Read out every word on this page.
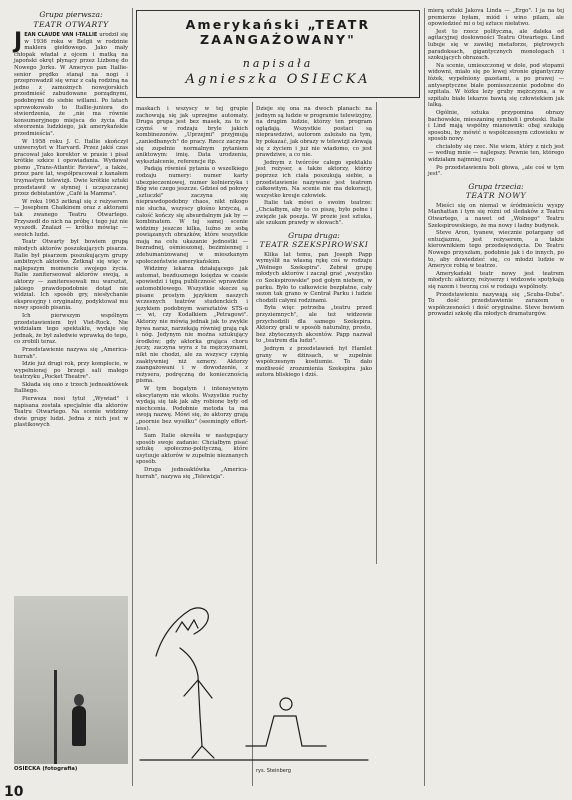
Grupa pierwsza:
TEATR OTWARTY

JEAN CLAUDE VAN I-TALLIE urodził się w 1936 roku w Belgii w rodzinie maklera giełdowego. Jako mały chłopak władał z ojcem i matką na japoński okręt płynący przez Lizbonę do Nowego Jorku. W Ameryce pan Itallie-senior prędko stanął na nogi i przeprowadził się wraz z całą rodziną na jedno z zamożnych nowojorskich przedmieść zabudowane porządnymi, podobnymi do siebie willami. Po latach sprowokowało to Itallie-juniora do stwierdzenia, że „nie ma równie konsumeryjnego miejsca do życia dla stworzenia ludzkiego, jak amerykańskie przedmieścia".

W 1958 roku J. C. Itallie skończył uniwersytet w Harvard. Przez jakiś czas pracował jako korektor w prasie i pisał krótkie szkice i opowiadania. Wydawał pismo „Trans-Atlantic Review", a także, przez pare lat, współpracował z kanałem trzynastym telewizji. Dwie krótkie sztuki przedstawił w słynnej i uczęszczanej przez debiutantów „Café la Mamma".

W roku 1963 zetknął się z reżyserem — Josephem Chaikinem oraz z aktorami tak zwanego Teatru Otwartego. Przyszedł do nich na próbę i tego już nie wyszedł. Znalazł — krótko mówiąc — swoich ludzi.

Teatr Otwarty był bowiem grupą młodych aktorów poszukujących pisarza. Italie był pisarzem poszukującym grupy ambitnych aktorów. Zetknął się więc w najlepszym momencie swojego życia. Italie zaniterseował aktorów swoją, a aktorzy — zaniteresowali mu warsztat, jakiego prawdopodobnie dotąd nie widział. Ich sposób gry, niesłychanie ekspresyjny i oryginalny, podyktował mu nowy sposób pisania.

Ich pierwszym wspólnym przedstawieniem był Viet-Rock. Nie widziałam tego spektaklu, wydaje się jednak, że był zaledwie wprawką do tego, co zrobili teraz.

Przedstawienie nazywa się „America-hurrah".

Idzie już drugi rok, przy komplecie, w wypełnionej po brzegi sali małego teatrzyku „Pocket Theatre".

Składa się ono z trzech jednoaktówek Italliego.

Pierwsza nosi tytuł „Wywiad" i napisana została specjalnie dla aktorów Teatru Otwartego. Na scenie widzimy dwie grupy ludzi. Jedna z nich jest w plastikowych

Amerykański „TEATR
ZAANGAŻOWANY"
napisała
Agnieszka OSIECKA

maskach i wszyscy w tej grupie zachowują się jak uprzejme automaty. Druga grupa jest bez masek, za to w czymś w rodzaju bryle jakich kombinezonów. „Uprzejmi" przyjmują „zaniedbanych" do pracy. Rzecz zaczyna się zupełnie normalnym pytaniem aniktowym: imię. Data urodzenia, wykształcenie, referencje itp.

Padają równieś pytania o wszelkiego rodzaju numery: numer karty ubezpieczeniowej, numer kolnierzyka i Bóg wie czego jeszcze. Gdzieś od połowy „sztuczki" zaczyna się nieprawdopodobny chaos, nikt nikogo nie słucha, wszyscy głośno krzyczą, a całość kończy się absurdalnym jak by — kombinatem. W tej samej scenie widzimy jeszcze kilka, luźno ze sobą powiązanych obrazków, które wszystkie mają na celu ukazanie jednostki — bezradnej, ośmieszonej, bezimiennej i zdehumanizowanej w mieszkanym społeczeństwie amerykańskim.

Widzimy lekarza działającego jak automat, bezdusznego księdza w czasie spowiedzi i tępą publiczność wprawdzie automobilowego. Wszystkie skecze są pisane prostym językiem naszych wczesnych teatrów studenckich i językiem podobnym warsztatów STS-u — wi, czy Kodałkiem „Petragowi". Aktorzy nie mówią jednak jak to zwykle bywa naraz, narzekają równiej grają rąk i nóg. Jedynym nie można sztukujący środków; gdy aktorka grająca choru jęczy, zaczyna wyra z tu mężczyznami, nikt nie chodzi, ale za wszyscy czynią zaaktywniej niż szmery. Aktorzy zaangażowani i w dowodzenie, z reżysera, podręczną do koniecznością pisma.

W tym bogatym i intensywnym ekscytanym nie wkoło. Wszystkie ruchy wydają się tak jak aby robione były od niechcenia. Podobnie metoda ta ma swoją nazwę. Mówi się, że aktorzy grają „poornie bez wysiłku" (seemingly effort-less).

Sam Italie okreśła w następujący sposób swoje zadanie: Chciałbym pisać sztukę społeczno-polityczną, które usytuuje aktorów w zupełnie nieznanych sposób.

Druga jednoaktówka „America-hurrah", nazywa się „Telewizja".

Dzieje się ona na dwoch planach: na jednym są ludzie w programie telewizyjny, na drugim ludzie, którzy ten program oglądają. Wszystkie postaci są nieprawdziwi, autorom zależało na tym, by pokazać, jak obrazy w telewizji zlewają się z życiem i już nie wiadomo, co jest prawdziwe, a co nie.

Jednym z twórców całego spektaklu jest reżyser, a także aktorzy, którzy poprzez ich ciała poszukują siebie, a przedstawienie nazywane jest teatrem całkowitym. Na scenie nie ma dekoracji, wszystko kreuje człowiek.

Italie tak mówi o swoim teatrze: „Chciałbym, aby to co piszę, było pełne i zwięzłe jak poezja. W prozie jest sztuka, ale szukam prawdy w słowach".

Grupa druga:
TEATR SZEKSPIROWSKI

Klika lat temu, pan Joseph Papp wymyślił na własną rękę coś w rodzaju „Wolnego Szekspira". Zebrał grupę młodych aktorów i zaczął grać „wszystko co Szekspirowskie" pod gołym niebem, w parku. Było to całkowicie bezpłatne, cały sezon tak grano w Central Parku i ludzie chodzili całymi rodzinami.

Była więc potrzeba „teatru przed przyziemnych", ale też widzowie przychodzili dla samego Szekspira. Aktorzy grali w sposób naturalny, prosto, bez zbytecznych akcentów. Papp nazwał to „teatrem dla ludzi".

Jednym z przedstawień był Hamlet grany w dżinsach, w zupełnie współczesnym kostiumie. To dało możliwość zrozumienia Szekspira jako autora bliskiego i dziś.

mierą sztuki Jakova Linda — „Ergo". I ja na tej premierze byłam, miód i wino pilam, ale opowiedzieć mi o tej sztuce niełatwo.

Jest to rzecz polityczna, ale daleka od agitacyjnej dosłowności Teatru Otwartego. Lind lubuje się w zawiłej metaforze, piętrowych paradoksach, gigantycznych monologach i szokujących obrazach.

Na scenie, umieszczonej w dole, pod stopami widowni, miało się po lewej stronie gigantyczny łóżek, wypełniony gazetami, a po prawej — antyseptyczne białe pomieszczenie podobne do szpitala. W łóżku leży gruby mężczyzna, a w szpitalu białe lekarze bawią się człowiekiem jak lalką.

Ogólnie, sztuka przypomina obrazy bachowskie, mieszaninę symboli i groteski. Italie i Lind mają wspólny mianownik: obaj szukają sposobu, by mówić o współczesnym człowieku w sposób nowy.

chciałoby się rzec. Nie wiem, który z nich jest — według mnie — najlepszy. Pewnie ten, którego widziałam najmniej razy.

Po przedstawieniu boli głowa, „ale coś w tym jest".

Grupa trzecia:
TEATR NOWY

Mieści się on niemal w śródmieściu wyspy Manhattan i tym się różni od śledaków z Teatru Otwartego, a nawet od „Wolnego" Teatru Szekspirowskiego, że ma nowy i ładny budynek.

Steve Aron, tyanew, wiecznie potargany od entuzjazmu, jest reżyserem, a także kierownikiem tego przedsięwzięcia. Do Teatru Nowego przyszłam, podobnie jak i do innych, po to, aby dowiedzieć się, co młodzi ludzie w Ameryce robią w teatrze.

Amerykański teatr nowy jest teatrem młodych: aktorzy, reżyserzy i widzowie spotykają się razem i tworzą coś w rodzaju wspólnoty.

Przedstawieniu nazywają się „Scuba-Duba". To dość przedstawienie zarazem o współczesności i dość oryginalne. Steve bowiem prowadzi szkołę dla młodych dramaturgów.

OSIECKA (fotografia)	rys. Steinberg
10
